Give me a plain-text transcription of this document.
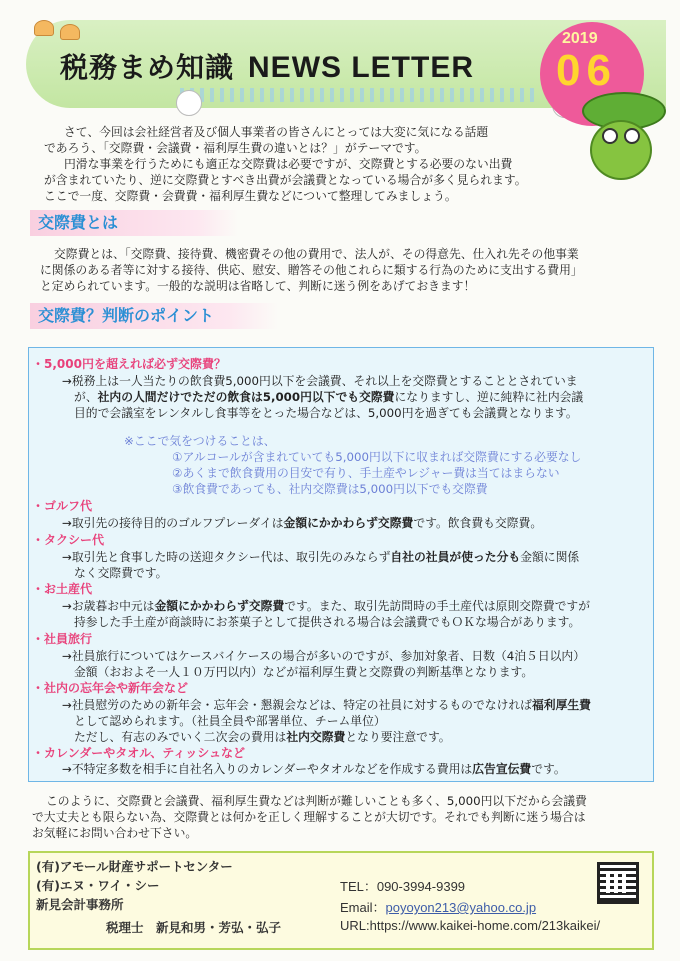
税務まめ知識 NEWS LETTER
2019
06
さて、今回は会社経営者及び個人事業者の皆さんにとっては大変に気になる話題
であろう、「交際費・会議費・福利厚生費の違いとは？」がテーマです。
円滑な事業を行うためにも適正な交際費は必要ですが、交際費とする必要のない出費
が含まれていたり、逆に交際費とすべき出費が会議費となっている場合が多く見られます。
ここで一度、交際費・会費費・福利厚生費などについて整理してみましょう。
交際費とは
交際費とは、「交際費、接待費、機密費その他の費用で、法人が、その得意先、仕入れ先その他事業
に関係のある者等に対する接待、供応、慰安、贈答その他これらに類する行為のために支出する費用」
と定められています。一般的な説明は省略して、判断に迷う例をあげておきます！
交際費？判断のポイント
・5,000円を超えれば必ず交際費？
→税務上は一人当たりの飲食費5,000円以下を会議費、それ以上を交際費とすることとされていま
が、社内の人間だけでただの飲食は5,000円以下でも交際費になりますし、逆に純粋に社内会議
目的で会議室をレンタルし食事等をとった場合などは、5,000円を過ぎても会議費となります。
※ここで気をつけることは、
①アルコールが含まれていても5,000円以下に収まれば交際費にする必要なし
②あくまで飲食費用の目安で有り、手土産やレジャー費は当てはまらない
③飲食費であっても、社内交際費は5,000円以下でも交際費
・ゴルフ代
→取引先の接待目的のゴルフプレーダイは金額にかかわらず交際費です。飲食費も交際費。
・タクシー代
→取引先と食事した時の送迎タクシー代は、取引先のみならず自社の社員が使った分も金額に関係
なく交際費です。
・お土産代
→お歳暮お中元は金額にかかわらず交際費です。また、取引先訪問時の手土産代は原則交際費ですが
持参した手土産が商談時にお茶菓子として提供される場合は会議費でもＯＫな場合があります。
・社員旅行
→社員旅行についてはケースバイケースの場合が多いのですが、参加対象者、日数（4泊５日以内）
金額（おおよそ一人１０万円以内）などが福利厚生費と交際費の判断基準となります。
・社内の忘年会や新年会など
→社員慰労のための新年会・忘年会・懇親会などは、特定の社員に対するものでなければ福利厚生費
として認められます。（社員全員や部署単位、チーム単位）
ただし、有志のみでいく二次会の費用は社内交際費となり要注意です。
・カレンダーやタオル、ティッシュなど
→不特定多数を相手に自社名入りのカレンダーやタオルなどを作成する費用は広告宣伝費です。
このように、交際費と会議費、福利厚生費などは判断が難しいことも多く、5,000円以下だから会議費
で大丈夫とも限らない為、交際費とは何かを正しく理解することが大切です。それでも判断に迷う場合は
お気軽にお問い合わせ下さい。
(有)アモール財産サポートセンター
(有)エヌ・ワイ・シー
新見会計事務所
税理士　新見和男・芳弘・弘子
TEL：090-3994-9399
Email：poyoyon213@yahoo.co.jp
URL:https://www.kaikei-home.com/213kaikei/
